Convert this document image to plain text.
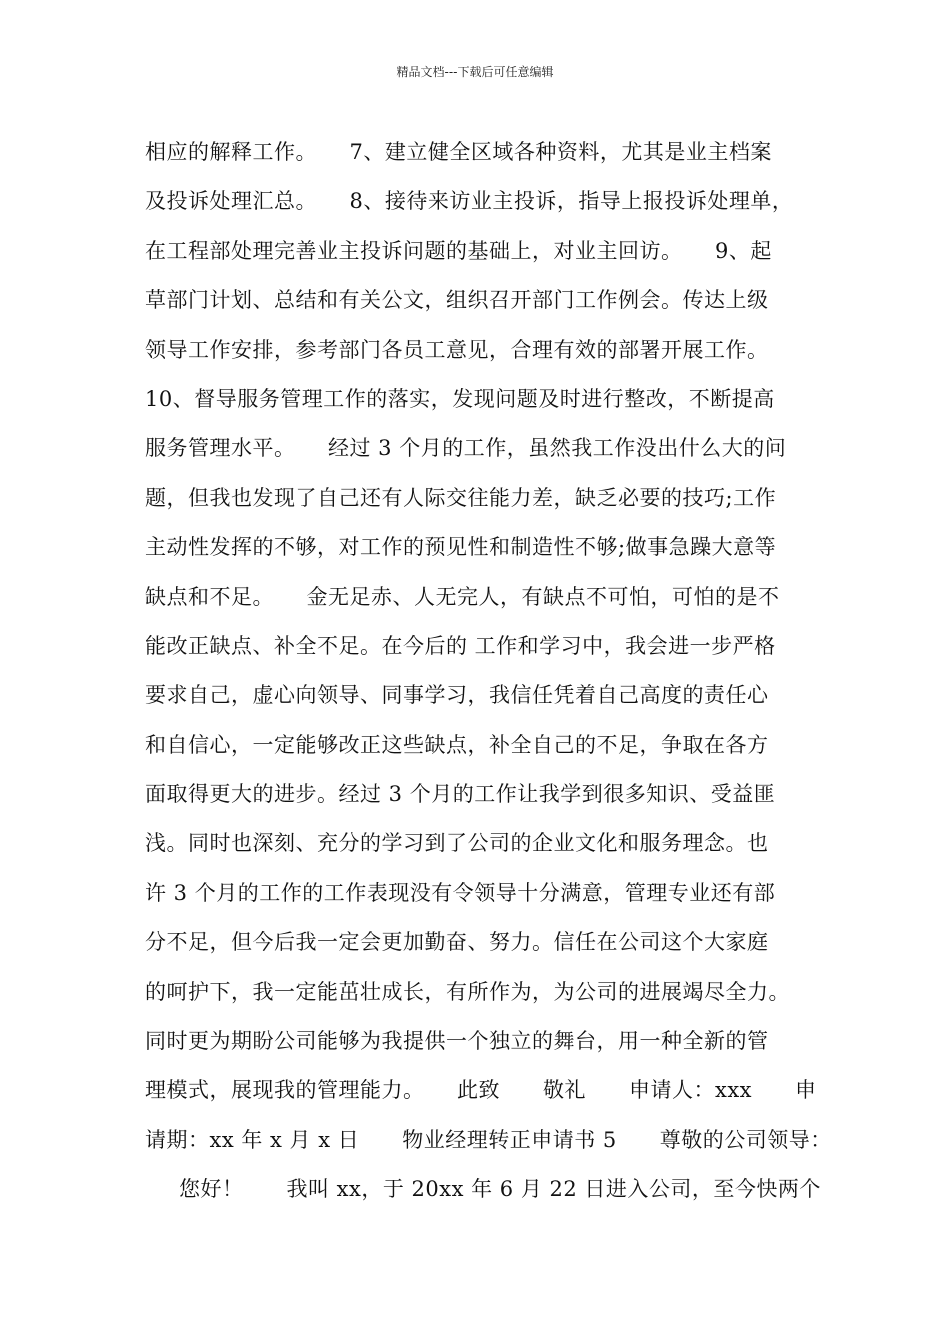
精品文档---下载后可任意编辑
相应的解释工作。　　7、建立健全区域各种资料，尤其是业主档案
及投诉处理汇总。　　8、接待来访业主投诉，指导上报投诉处理单，
在工程部处理完善业主投诉问题的基础上，对业主回访。　　9、起
草部门计划、总结和有关公文，组织召开部门工作例会。传达上级
领导工作安排，参考部门各员工意见，合理有效的部署开展工作。
10、督导服务管理工作的落实，发现问题及时进行整改，不断提高
服务管理水平。　　经过 3 个月的工作，虽然我工作没出什么大的问
题，但我也发现了自己还有人际交往能力差，缺乏必要的技巧;工作
主动性发挥的不够，对工作的预见性和制造性不够;做事急躁大意等
缺点和不足。　　金无足赤、人无完人，有缺点不可怕，可怕的是不
能改正缺点、补全不足。在今后的 工作和学习中，我会进一步严格
要求自己，虚心向领导、同事学习，我信任凭着自己高度的责任心
和自信心，一定能够改正这些缺点，补全自己的不足，争取在各方
面取得更大的进步。经过 3 个月的工作让我学到很多知识、受益匪
浅。同时也深刻、充分的学习到了公司的企业文化和服务理念。也
许 3 个月的工作的工作表现没有令领导十分满意，管理专业还有部
分不足，但今后我一定会更加勤奋、努力。信任在公司这个大家庭
的呵护下，我一定能茁壮成长，有所作为，为公司的进展竭尽全力。
同时更为期盼公司能够为我提供一个独立的舞台，用一种全新的管
理模式，展现我的管理能力。　　此致　　敬礼　　申请人：xxx　　申
请期：xx 年 x 月 x 日　　物业经理转正申请书 5　　尊敬的公司领导：
您好！　　我叫 xx，于 20xx 年 6 月 22 日进入公司，至今快两个
